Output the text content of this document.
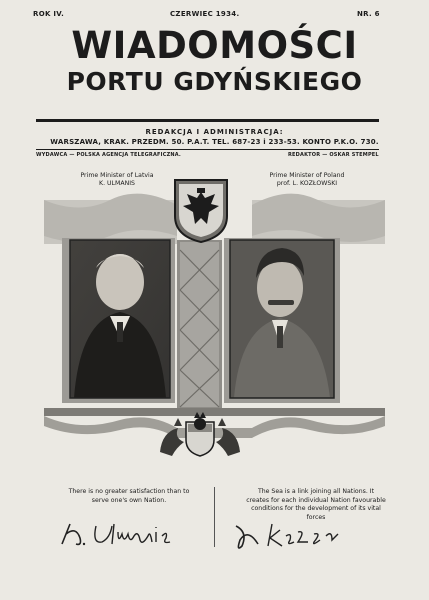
ROK IV.	CZERWIEC 1934.	NR. 6
WIADOMOŚCI
PORTU GDYŃSKIEGO
REDAKCJA I ADMINISTRACJA:
WARSZAWA, KRAK. PRZEDM. 50. P.A.T. TEL. 687-23 i 233-53. KONTO P.K.O. 730.
WYDAWCA — POLSKA AGENCJA TELEGRAFICZNA.	REDAKTOR — OSKAR STEMPEL
Prime Minister of Latvia
K. ULMANIS
Prime Minister of Poland
prof. L. KOZŁOWSKI
There is no greater satisfaction than to serve one's own Nation.
The Sea is a link joining all Nations. It creates for each individual Nation favourable conditions for the development of its vital forces
